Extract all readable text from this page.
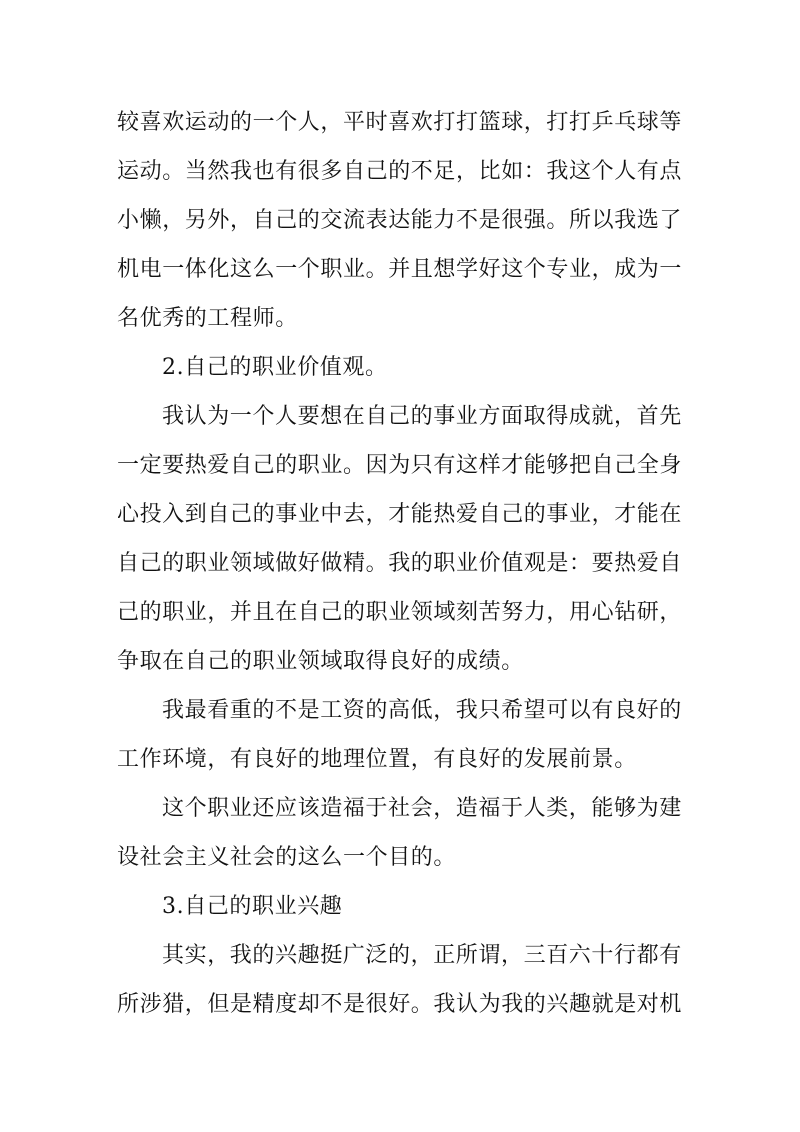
较喜欢运动的一个人，平时喜欢打打篮球，打打乒乓球等
运动。当然我也有很多自己的不足，比如：我这个人有点
小懒，另外，自己的交流表达能力不是很强。所以我选了
机电一体化这么一个职业。并且想学好这个专业，成为一
名优秀的工程师。
2.自己的职业价值观。
我认为一个人要想在自己的事业方面取得成就，首先
一定要热爱自己的职业。因为只有这样才能够把自己全身
心投入到自己的事业中去，才能热爱自己的事业，才能在
自己的职业领域做好做精。我的职业价值观是：要热爱自
己的职业，并且在自己的职业领域刻苦努力，用心钻研，
争取在自己的职业领域取得良好的成绩。
我最看重的不是工资的高低，我只希望可以有良好的
工作环境，有良好的地理位置，有良好的发展前景。
这个职业还应该造福于社会，造福于人类，能够为建
设社会主义社会的这么一个目的。
3.自己的职业兴趣
其实，我的兴趣挺广泛的，正所谓，三百六十行都有
所涉猎，但是精度却不是很好。我认为我的兴趣就是对机
